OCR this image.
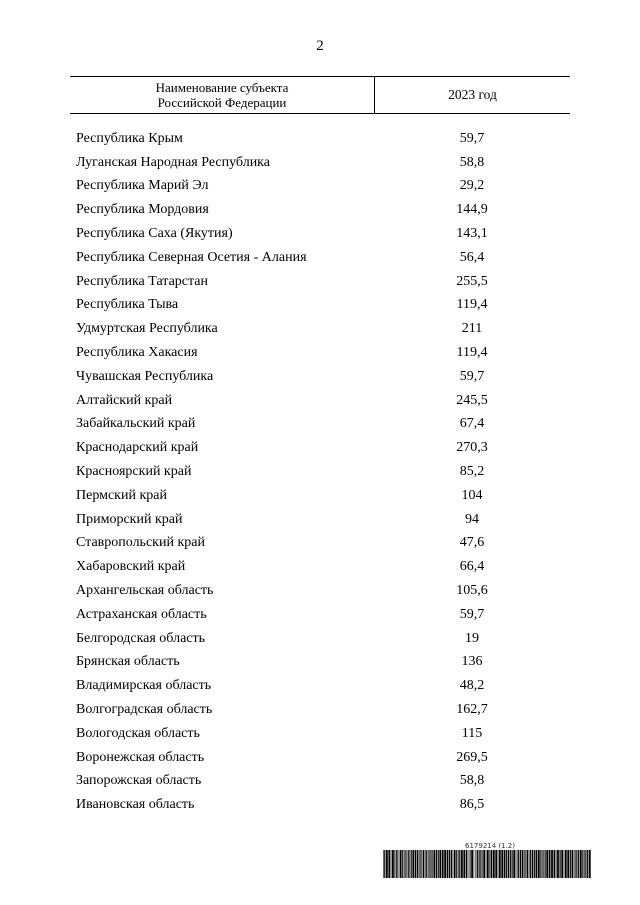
2
Наименование субъекта
Российской Федерации
2023 год
Республика Крым	59,7
Луганская Народная Республика	58,8
Республика Марий Эл	29,2
Республика Мордовия	144,9
Республика Саха (Якутия)	143,1
Республика Северная Осетия - Алания	56,4
Республика Татарстан	255,5
Республика Тыва	119,4
Удмуртская Республика	211
Республика Хакасия	119,4
Чувашская Республика	59,7
Алтайский край	245,5
Забайкальский край	67,4
Краснодарский край	270,3
Красноярский край	85,2
Пермский край	104
Приморский край	94
Ставропольский край	47,6
Хабаровский край	66,4
Архангельская область	105,6
Астраханская область	59,7
Белгородская область	19
Брянская область	136
Владимирская область	48,2
Волгоградская область	162,7
Вологодская область	115
Воронежская область	269,5
Запорожская область	58,8
Ивановская область	86,5
6179214 (1.2)
